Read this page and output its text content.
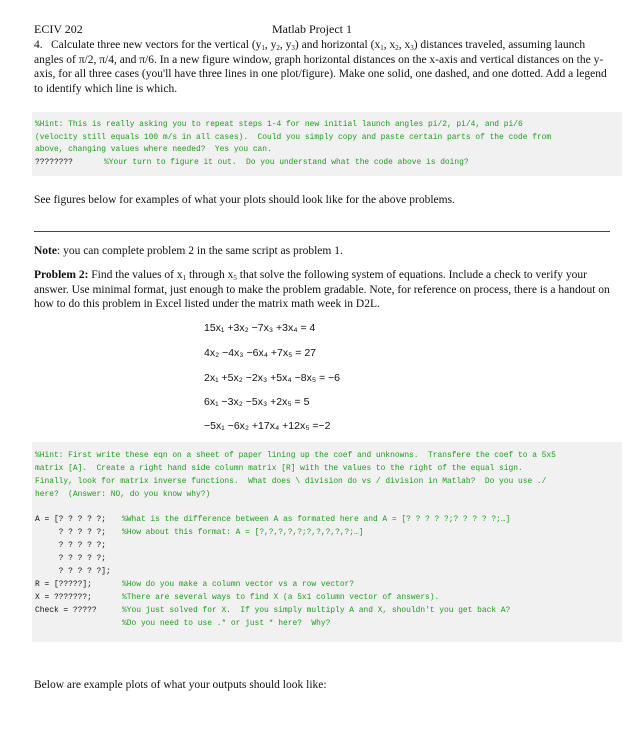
ECIV 202	Matlab Project 1
4. Calculate three new vectors for the vertical ($y_1$, $y_2$, $y_3$) and horizontal ($x_1$, $x_2$, $x_3$) distances traveled, assuming launch angles of π/2, π/4, and π/6. In a new figure window, graph horizontal distances on the x-axis and vertical distances on the y-axis, for all three cases (you'll have three lines in one plot/figure). Make one solid, one dashed, and one dotted. Add a legend to identify which line is which.
%Hint: This is really asking you to repeat steps 1-4 for new initial launch angles pi/2, pi/4, and pi/6
(velocity still equals 100 m/s in all cases).  Could you simply copy and paste certain parts of the code from
above, changing values where needed?  Yes you can.
????????	%Your turn to figure it out.  Do you understand what the code above is doing?
See figures below for examples of what your plots should look like for the above problems.
Note: you can complete problem 2 in the same script as problem 1.
Problem 2: Find the values of $x_1$ through $x_5$ that solve the following system of equations. Include a check to verify your answer. Use minimal format, just enough to make the problem gradable. Note, for reference on process, there is a handout on how to do this problem in Excel listed under the matrix math week in D2L.
15x₁ +3x₂ −7x₃ +3x₄ = 4
4x₂ −4x₃ −6x₄ +7x₅ = 27
2x₁ +5x₂ −2x₃ +5x₄ −8x₅ = −6
6x₁ −3x₂ −5x₃ +2x₅ = 5
−5x₁ −6x₂ +17x₄ +12x₅ =−2
%Hint: First write these eqn on a sheet of paper lining up the coef and unknowns.  Transfere the coef to a 5x5
matrix [A].  Create a right hand side column matrix [R] with the values to the right of the equal sign.
Finally, look for matrix inverse functions.  What does \ division do vs / division in Matlab?  Do you use ./
here?  (Answer: NO, do you know why?)
A = [? ? ? ? ?; %What is the difference between A as formated here and A = [? ? ? ? ?;? ? ? ? ?;…]
? ? ? ? ?; %How about this format: A = [?,?,?,?,?;?,?,?,?,?;…]
? ? ? ? ?;
? ? ? ? ?;
? ? ? ? ?];
R = [?????];	%How do you make a column vector vs a row vector?
X = ???????;	%There are several ways to find X (a 5x1 column vector of answers).
Check = ?????	%You just solved for X.  If you simply multiply A and X, shouldn't you get back A?
%Do you need to use .* or just * here?  Why?
Below are example plots of what your outputs should look like:
